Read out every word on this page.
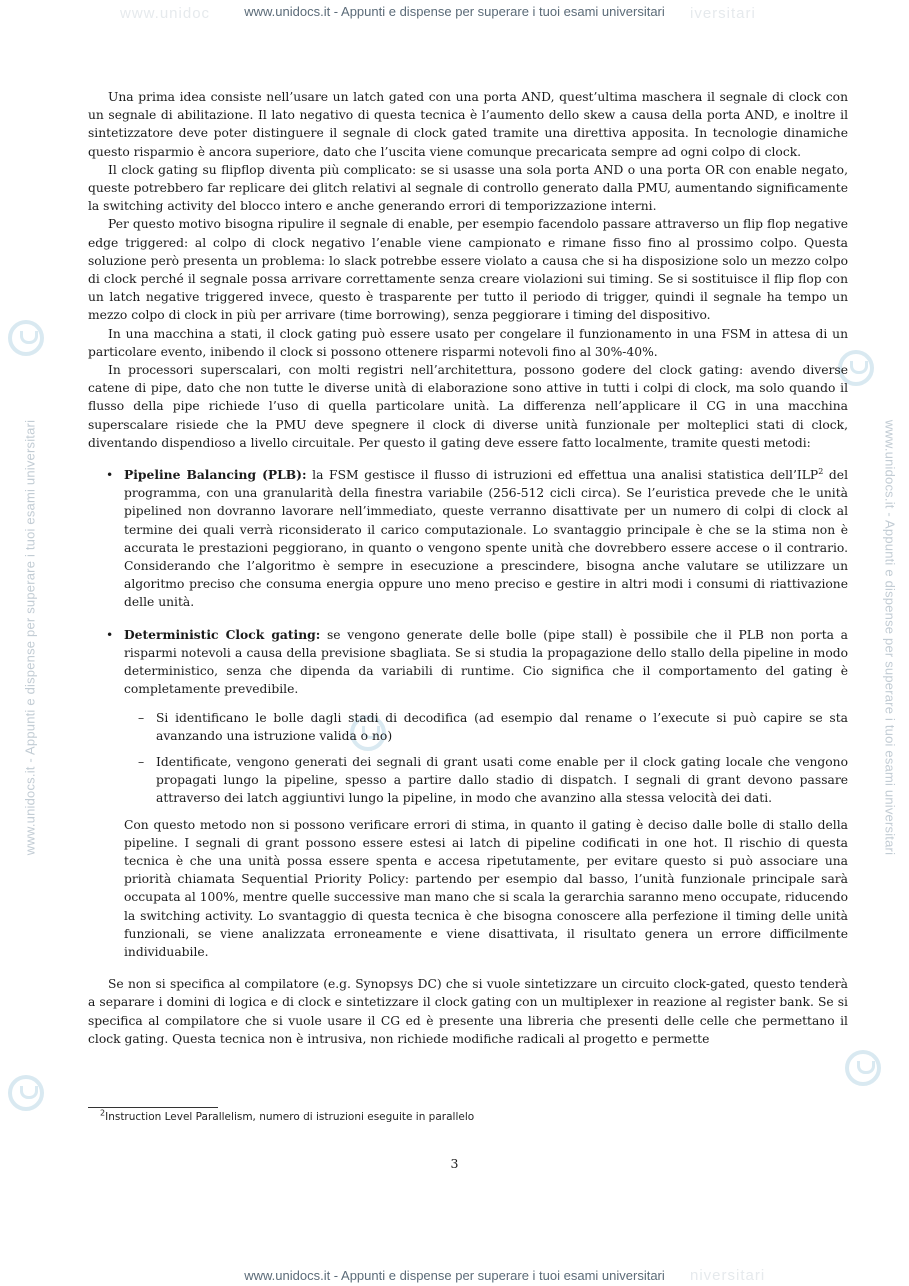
www.unidoc	iversitari
www.unidocs.it - Appunti e dispense per superare i tuoi esami universitari
www.unidocs.it - Appunti e dispense per superare i tuoi esami universitari	www.unidocs.it - Appunti e dispense per superare i tuoi esami universitari

Una prima idea consiste nell’usare un latch gated con una porta AND, quest’ultima maschera il segnale di clock con un segnale di abilitazione. Il lato negativo di questa tecnica è l’aumento dello skew a causa della porta AND, e inoltre il sintetizzatore deve poter distinguere il segnale di clock gated tramite una direttiva apposita. In tecnologie dinamiche questo risparmio è ancora superiore, dato che l’uscita viene comunque precaricata sempre ad ogni colpo di clock.

Il clock gating su flipflop diventa più complicato: se si usasse una sola porta AND o una porta OR con enable negato, queste potrebbero far replicare dei glitch relativi al segnale di controllo generato dalla PMU, aumentando significamente la switching activity del blocco intero e anche generando errori di temporizzazione interni.

Per questo motivo bisogna ripulire il segnale di enable, per esempio facendolo passare attraverso un flip flop negative edge triggered: al colpo di clock negativo l’enable viene campionato e rimane fisso fino al prossimo colpo. Questa soluzione però presenta un problema: lo slack potrebbe essere violato a causa che si ha disposizione solo un mezzo colpo di clock perché il segnale possa arrivare correttamente senza creare violazioni sui timing. Se si sostituisce il flip flop con un latch negative triggered invece, questo è trasparente per tutto il periodo di trigger, quindi il segnale ha tempo un mezzo colpo di clock in più per arrivare (time borrowing), senza peggiorare i timing del dispositivo.

In una macchina a stati, il clock gating può essere usato per congelare il funzionamento in una FSM in attesa di un particolare evento, inibendo il clock si possono ottenere risparmi notevoli fino al 30%-40%.

In processori superscalari, con molti registri nell’architettura, possono godere del clock gating: avendo diverse catene di pipe, dato che non tutte le diverse unità di elaborazione sono attive in tutti i colpi di clock, ma solo quando il flusso della pipe richiede l’uso di quella particolare unità. La differenza nell’applicare il CG in una macchina superscalare risiede che la PMU deve spegnere il clock di diverse unità funzionale per molteplici stati di clock, diventando dispendioso a livello circuitale. Per questo il gating deve essere fatto localmente, tramite questi metodi:

• Pipeline Balancing (PLB): la FSM gestisce il flusso di istruzioni ed effettua una analisi statistica dell’ILP$^2$ del programma, con una granularità della finestra variabile (256-512 cicli circa). Se l’euristica prevede che le unità pipelined non dovranno lavorare nell’immediato, queste verranno disattivate per un numero di colpi di clock al termine dei quali verrà riconsiderato il carico computazionale. Lo svantaggio principale è che se la stima non è accurata le prestazioni peggiorano, in quanto o vengono spente unità che dovrebbero essere accese o il contrario. Considerando che l’algoritmo è sempre in esecuzione a prescindere, bisogna anche valutare se utilizzare un algoritmo preciso che consuma energia oppure uno meno preciso e gestire in altri modi i consumi di riattivazione delle unità.
• Deterministic Clock gating: se vengono generate delle bolle (pipe stall) è possibile che il PLB non porta a risparmi notevoli a causa della previsione sbagliata. Se si studia la propagazione dello stallo della pipeline in modo deterministico, senza che dipenda da variabili di runtime. Cio significa che il comportamento del gating è completamente prevedibile.
– Si identificano le bolle dagli stadi di decodifica (ad esempio dal rename o l’execute si può capire se sta avanzando una istruzione valida o no)
– Identificate, vengono generati dei segnali di grant usati come enable per il clock gating locale che vengono propagati lungo la pipeline, spesso a partire dallo stadio di dispatch. I segnali di grant devono passare attraverso dei latch aggiuntivi lungo la pipeline, in modo che avanzino alla stessa velocità dei dati.

Con questo metodo non si possono verificare errori di stima, in quanto il gating è deciso dalle bolle di stallo della pipeline. I segnali di grant possono essere estesi ai latch di pipeline codificati in one hot. Il rischio di questa tecnica è che una unità possa essere spenta e accesa ripetutamente, per evitare questo si può associare una priorità chiamata Sequential Priority Policy: partendo per esempio dal basso, l’unità funzionale principale sarà occupata al 100%, mentre quelle successive man mano che si scala la gerarchia saranno meno occupate, riducendo la switching activity. Lo svantaggio di questa tecnica è che bisogna conoscere alla perfezione il timing delle unità funzionali, se viene analizzata erroneamente e viene disattivata, il risultato genera un errore difficilmente individuabile.

Se non si specifica al compilatore (e.g. Synopsys DC) che si vuole sintetizzare un circuito clock-gated, questo tenderà a separare i domini di logica e di clock e sintetizzare il clock gating con un multiplexer in reazione al register bank. Se si specifica al compilatore che si vuole usare il CG ed è presente una libreria che presenti delle celle che permettano il clock gating. Questa tecnica non è intrusiva, non richiede modifiche radicali al progetto e permette

$^2$Instruction Level Parallelism, numero di istruzioni eseguite in parallelo
3
niversitari
www.unidocs.it - Appunti e dispense per superare i tuoi esami universitari
